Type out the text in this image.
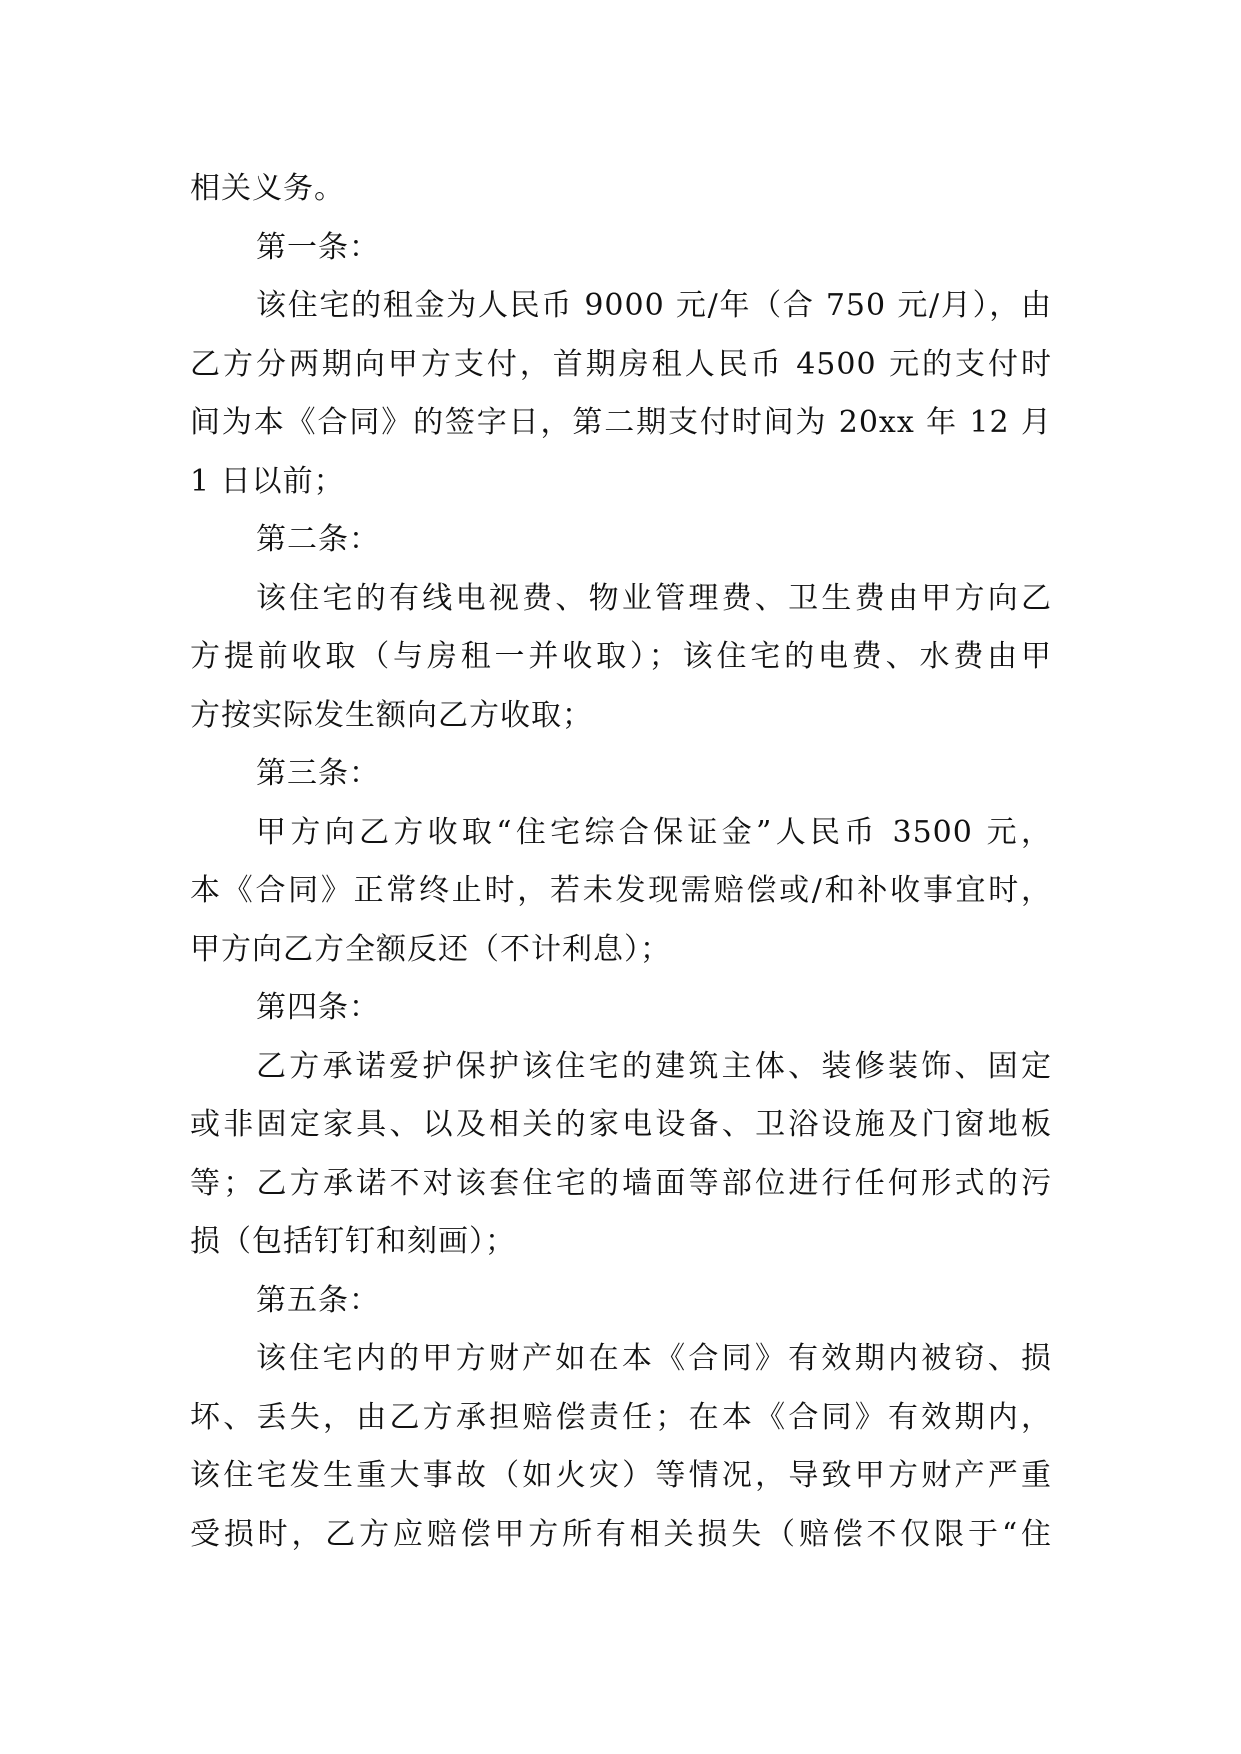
相关义务。
第一条：
该住宅的租金为人民币 9000 元/年（合 750 元/月），由
乙方分两期向甲方支付，首期房租人民币 4500 元的支付时
间为本《合同》的签字日，第二期支付时间为 20xx 年 12 月
1 日以前；
第二条：
该住宅的有线电视费、物业管理费、卫生费由甲方向乙
方提前收取（与房租一并收取）；该住宅的电费、水费由甲
方按实际发生额向乙方收取；
第三条：
甲方向乙方收取“住宅综合保证金”人民币 3500 元，
本《合同》正常终止时，若未发现需赔偿或/和补收事宜时，
甲方向乙方全额反还（不计利息）；
第四条：
乙方承诺爱护保护该住宅的建筑主体、装修装饰、固定
或非固定家具、以及相关的家电设备、卫浴设施及门窗地板
等；乙方承诺不对该套住宅的墙面等部位进行任何形式的污
损（包括钉钉和刻画）；
第五条：
该住宅内的甲方财产如在本《合同》有效期内被窃、损
坏、丢失，由乙方承担赔偿责任；在本《合同》有效期内，
该住宅发生重大事故（如火灾）等情况，导致甲方财产严重
受损时，乙方应赔偿甲方所有相关损失（赔偿不仅限于“住
